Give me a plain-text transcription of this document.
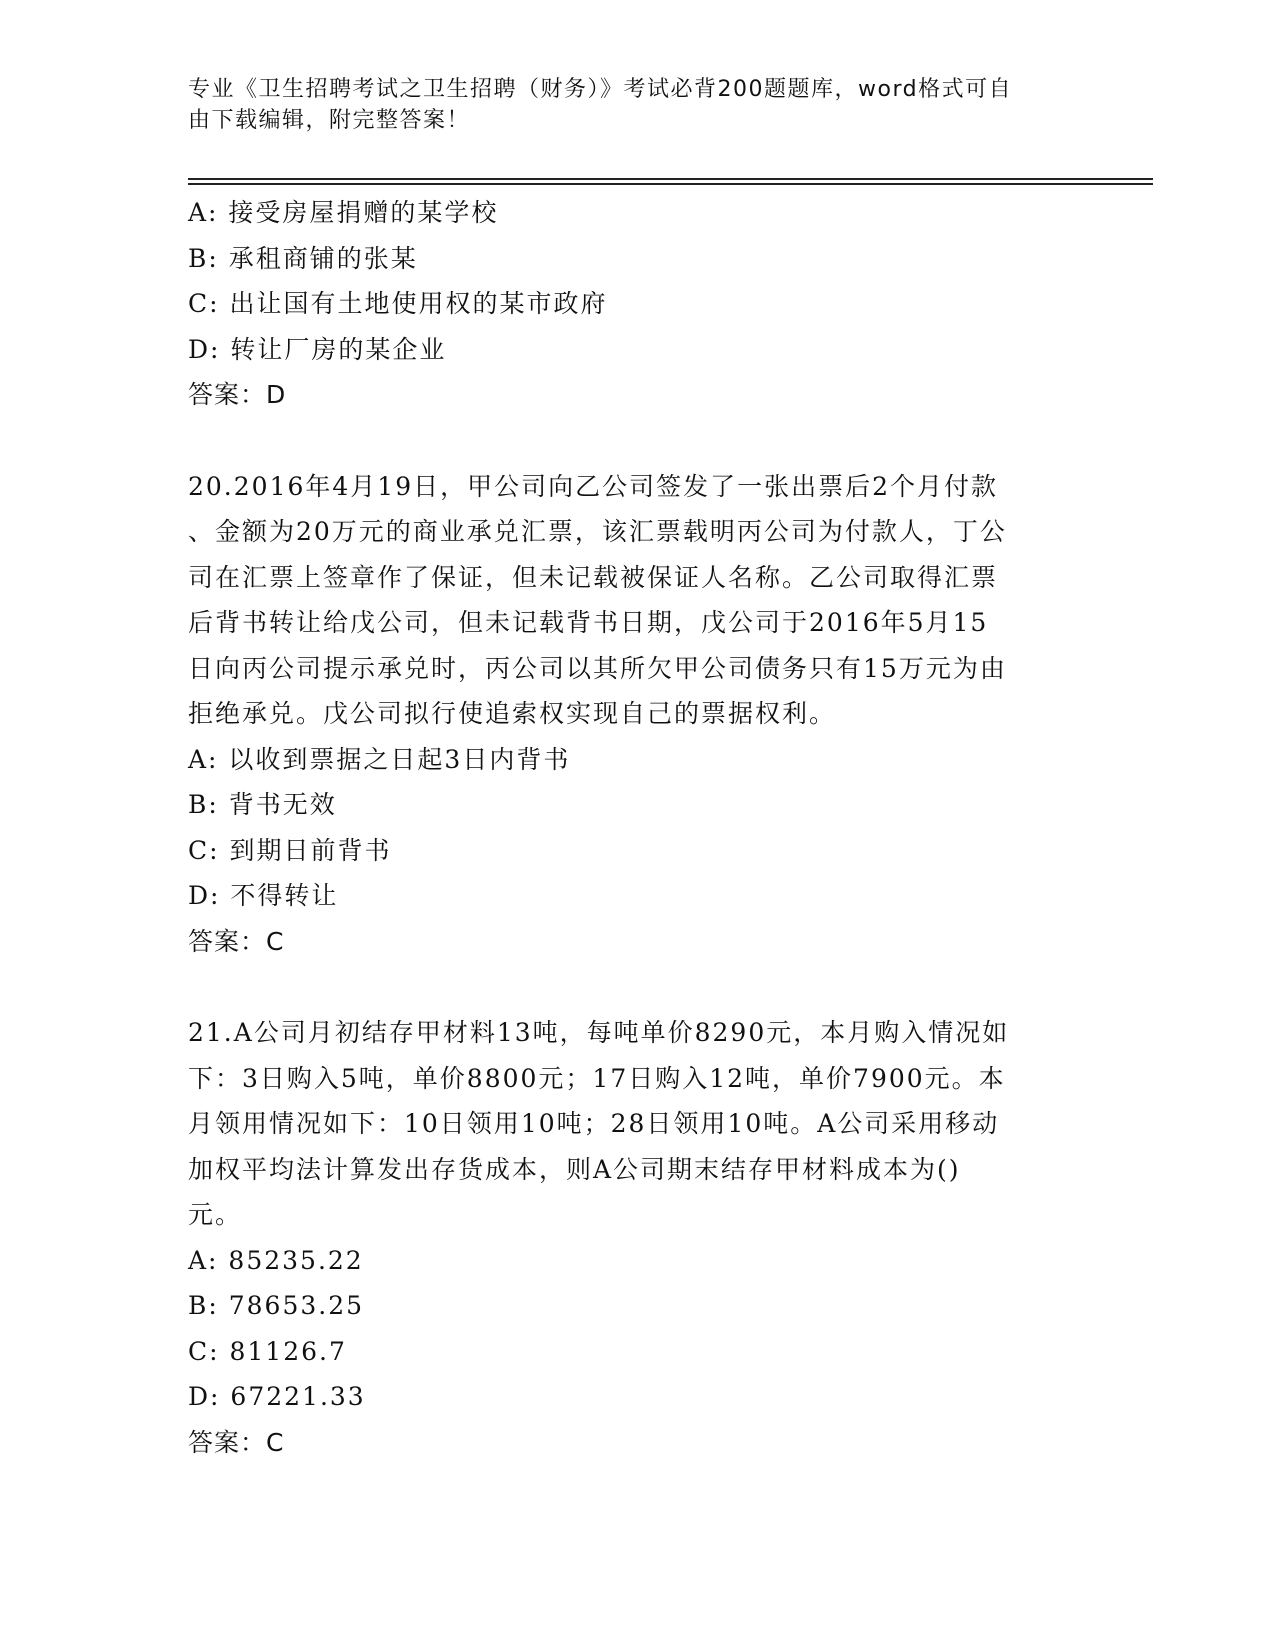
专业《卫生招聘考试之卫生招聘（财务）》考试必背200题题库，word格式可自
由下载编辑，附完整答案！
A: 接受房屋捐赠的某学校
B: 承租商铺的张某
C: 出让国有土地使用权的某市政府
D: 转让厂房的某企业
答案：D
20.2016年4月19日，甲公司向乙公司签发了一张出票后2个月付款
、金额为20万元的商业承兑汇票，该汇票载明丙公司为付款人，丁公
司在汇票上签章作了保证，但未记载被保证人名称。乙公司取得汇票
后背书转让给戊公司，但未记载背书日期，戊公司于2016年5月15
日向丙公司提示承兑时，丙公司以其所欠甲公司债务只有15万元为由
拒绝承兑。戊公司拟行使追索权实现自己的票据权利。
A: 以收到票据之日起3日内背书
B: 背书无效
C: 到期日前背书
D: 不得转让
答案：C
21.A公司月初结存甲材料13吨，每吨单价8290元，本月购入情况如
下：3日购入5吨，单价8800元；17日购入12吨，单价7900元。本
月领用情况如下：10日领用10吨；28日领用10吨。A公司采用移动
加权平均法计算发出存货成本，则A公司期末结存甲材料成本为()
元。
A: 85235.22
B: 78653.25
C: 81126.7
D: 67221.33
答案：C
